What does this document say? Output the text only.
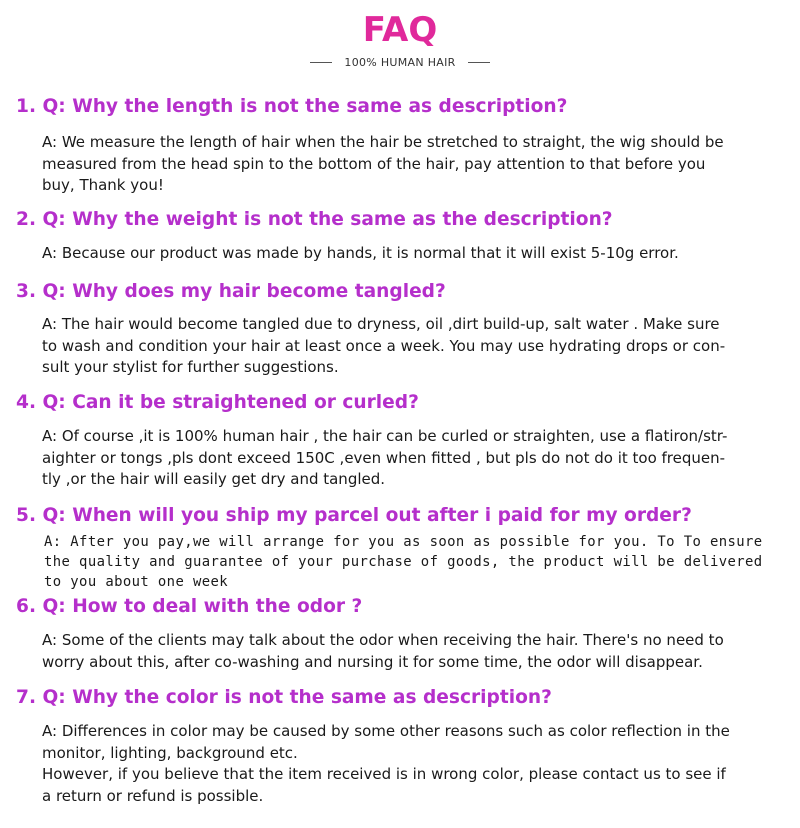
FAQ
100% HUMAN HAIR
1. Q: Why the length is not the same as description?
A: We measure the length of hair when the hair be stretched to straight, the wig should be
measured from the head spin to the bottom of the hair, pay attention to that before you
buy, Thank you!
2. Q: Why the weight is not the same as the description?
A: Because our product was made by hands, it is normal that it will exist 5-10g error.
3. Q: Why does my hair become tangled?
A: The hair would become tangled due to dryness, oil ,dirt build-up, salt water . Make sure
to wash and condition your hair at least once a week. You may use hydrating drops or con-
sult your stylist for further suggestions.
4. Q: Can it be straightened or curled?
A: Of course ,it is 100% human hair , the hair can be curled or straighten, use a flatiron/str-
aighter or tongs ,pls dont exceed 150C ,even when fitted , but pls do not do it too frequen-
tly ,or the hair will easily get dry and tangled.
5. Q: When will you ship my parcel out after i paid for my order?
A: After you pay,we will arrange for you as soon as possible for you. To To ensure
the quality and guarantee of your purchase of goods, the product will be delivered
to you about one week
6. Q: How to deal with the odor ?
A: Some of the clients may talk about the odor when receiving the hair. There's no need to
worry about this, after co-washing and nursing it for some time, the odor will disappear.
7. Q: Why the color is not the same as description?
A: Differences in color may be caused by some other reasons such as color reflection in the
monitor, lighting, background etc.
However, if you believe that the item received is in wrong color, please contact us to see if
a return or refund is possible.
